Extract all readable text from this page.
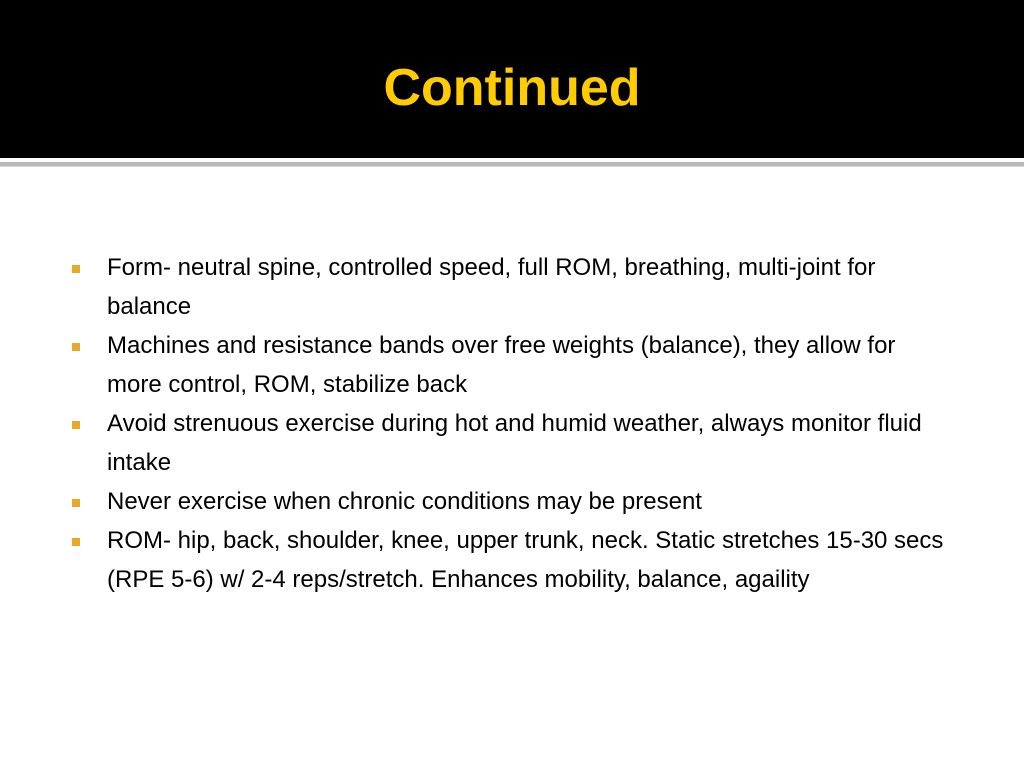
Continued
Form- neutral spine, controlled speed, full ROM, breathing, multi-joint for balance
Machines and resistance bands over free weights (balance), they allow for more control, ROM, stabilize back
Avoid strenuous exercise during hot and humid weather, always monitor fluid intake
Never exercise when chronic conditions may be present
ROM- hip, back, shoulder, knee, upper trunk, neck. Static stretches 15-30 secs (RPE 5-6) w/ 2-4 reps/stretch. Enhances mobility, balance, agaility
